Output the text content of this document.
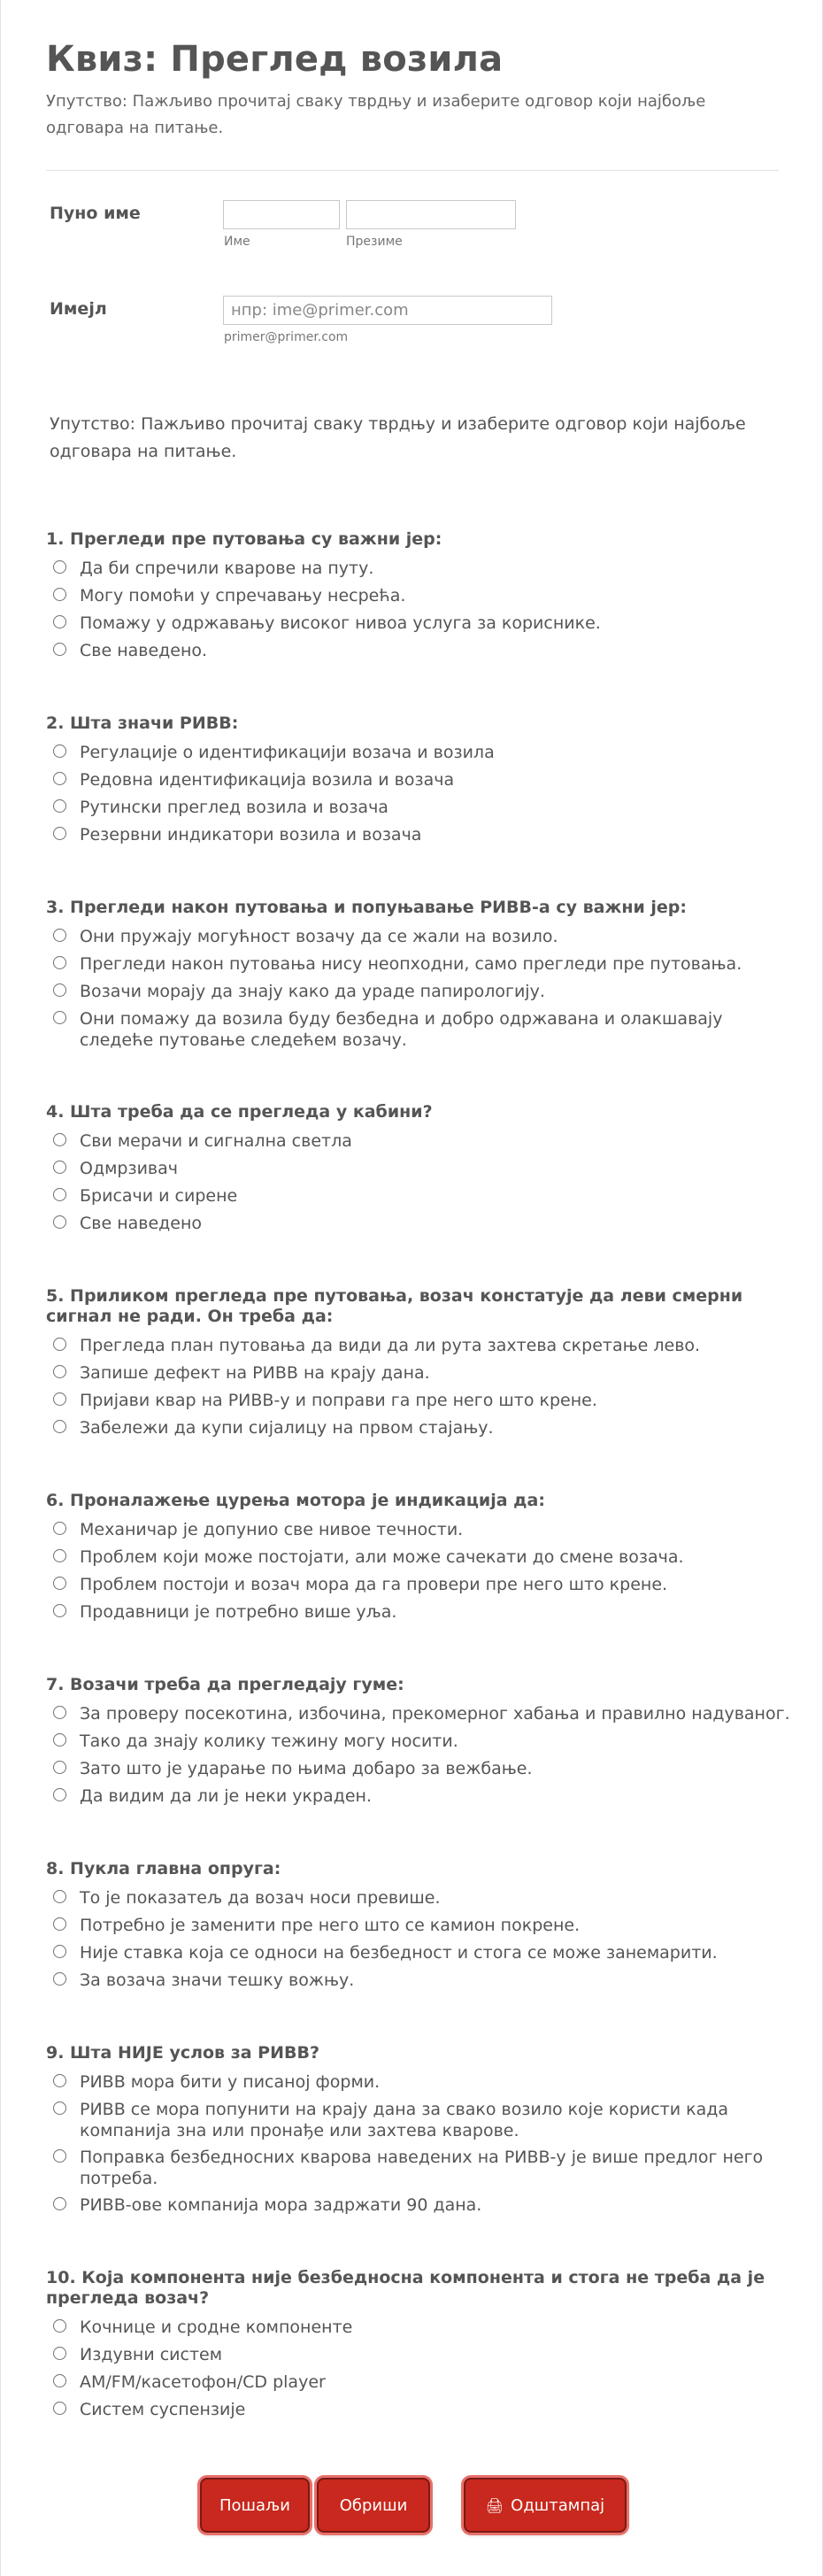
Квиз: Преглед возила
Упутство: Пажљиво прочитај сваку тврдњу и изаберите одговор који најбоље одговара на питање.
Пуно име
Име	Презиме
Имејл
нпр: ime@primer.com
primer@primer.com
Упутство: Пажљиво прочитај сваку тврдњу и изаберите одговор који најбоље одговара на питање.
1. Прегледи пре путовања су важни јер:
Да би спречили кварове на путу.
Могу помоћи у спречавању несрећа.
Помажу у одржавању високог нивоа услуга за кориснике.
Све наведено.
2. Шта значи РИВВ:
Регулације о идентификацији возача и возила
Редовна идентификација возила и возача
Рутински преглед возила и возача
Резервни индикатори возила и возача
3. Прегледи након путовања и попуњавање РИВВ-а су важни јер:
Они пружају могућност возачу да се жали на возило.
Прегледи након путовања нису неопходни, само прегледи пре путовања.
Возачи морају да знају како да ураде папирологију.
Они помажу да возила буду безбедна и добро одржавана и олакшавају следеће путовање следећем возачу.
4. Шта треба да се прегледа у кабини?
Сви мерачи и сигнална светла
Одмрзивач
Брисачи и сирене
Све наведено
5. Приликом прегледа пре путовања, возач констатује да леви смерни сигнал не ради. Он треба да:
Прегледа план путовања да види да ли рута захтева скретање лево.
Запише дефект на РИВВ на крају дана.
Пријави квар на РИВВ-у и поправи га пре него што крене.
Забележи да купи сијалицу на првом стајању.
6. Проналажење цурења мотора је индикација да:
Механичар је допунио све нивое течности.
Проблем који може постојати, али може сачекати до смене возача.
Проблем постоји и возач мора да га провери пре него што крене.
Продавници је потребно више уља.
7. Возачи треба да прегледају гуме:
За проверу посекотина, избочина, прекомерног хабања и правилно надуваног.
Тако да знају колику тежину могу носити.
Зато што је ударање по њима добаро за вежбање.
Да видим да ли је неки украден.
8. Пукла главна опруга:
То је показатељ да возач носи превише.
Потребно је заменити пре него што се камион покрене.
Није ставка која се односи на безбедност и стога се може занемарити.
За возача значи тешку вожњу.
9. Шта НИЈЕ услов за РИВВ?
РИВВ мора бити у писаној форми.
РИВВ се мора попунити на крају дана за свако возило које користи када компанија зна или пронађе или захтева кварове.
Поправка безбедносних кварова наведених на РИВВ-у је више предлог него потреба.
РИВВ-ове компанија мора задржати 90 дана.
10. Која компонента није безбедносна компонента и стога не треба да је прегледа возач?
Кочнице и сродне компоненте
Издувни систем
AM/FM/касетофон/CD player
Систем суспензије
Пошаљи	Обриши	🖨 Одштампај
